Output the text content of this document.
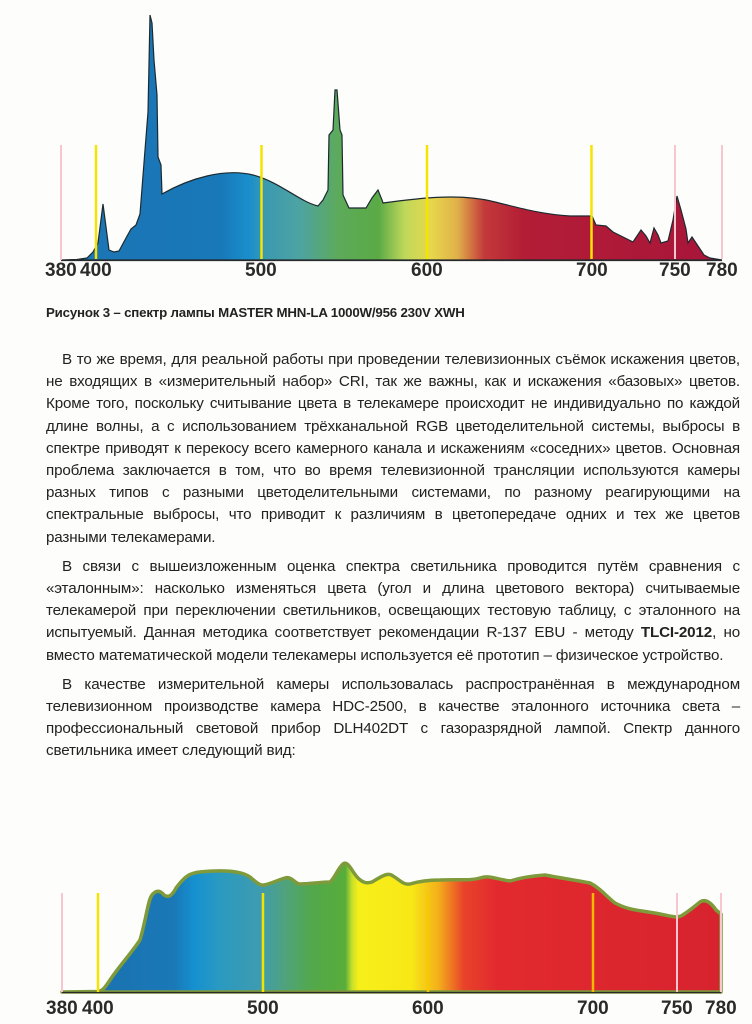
380 400	500	600	700	750 780
Рисунок 3 – спектр лампы MASTER MHN-LA 1000W/956 230V XWH

В то же время, для реальной работы при проведении телевизионных съёмок искажения цветов, не входящих в «измерительный набор» CRI, так же важны, как и искажения «базовых» цветов. Кроме того, поскольку считывание цвета в телекамере происходит не индивидуально по каждой длине волны, а с использованием трёхканальной RGB цветоделительной системы, выбросы в спектре приводят к перекосу всего камерного канала и искажениям «соседних» цветов. Основная проблема заключается в том, что во время телевизионной трансляции используются камеры разных типов с разными цветоделительными системами, по разному реагирующими на спектральные выбросы, что приводит к различиям в цветопередаче одних и тех же цветов разными телекамерами.

В связи с вышеизложенным оценка спектра светильника проводится путём сравнения с «эталонным»: насколько изменяться цвета (угол и длина цветового вектора) считываемые телекамерой при переключении светильников, освещающих тестовую таблицу, с эталонного на испытуемый. Данная методика соответствует рекомендации R-137 EBU - методу TLCI-2012, но вместо математической модели телекамеры используется её прототип – физическое устройство.

В качестве измерительной камеры использовалась распространённая в международном телевизионном производстве камера HDC-2500, в качестве эталонного источника света – профессиональный световой прибор DLH402DT с газоразрядной лампой. Спектр данного светильника имеет следующий вид:

380 400	500	600	700	750 780
